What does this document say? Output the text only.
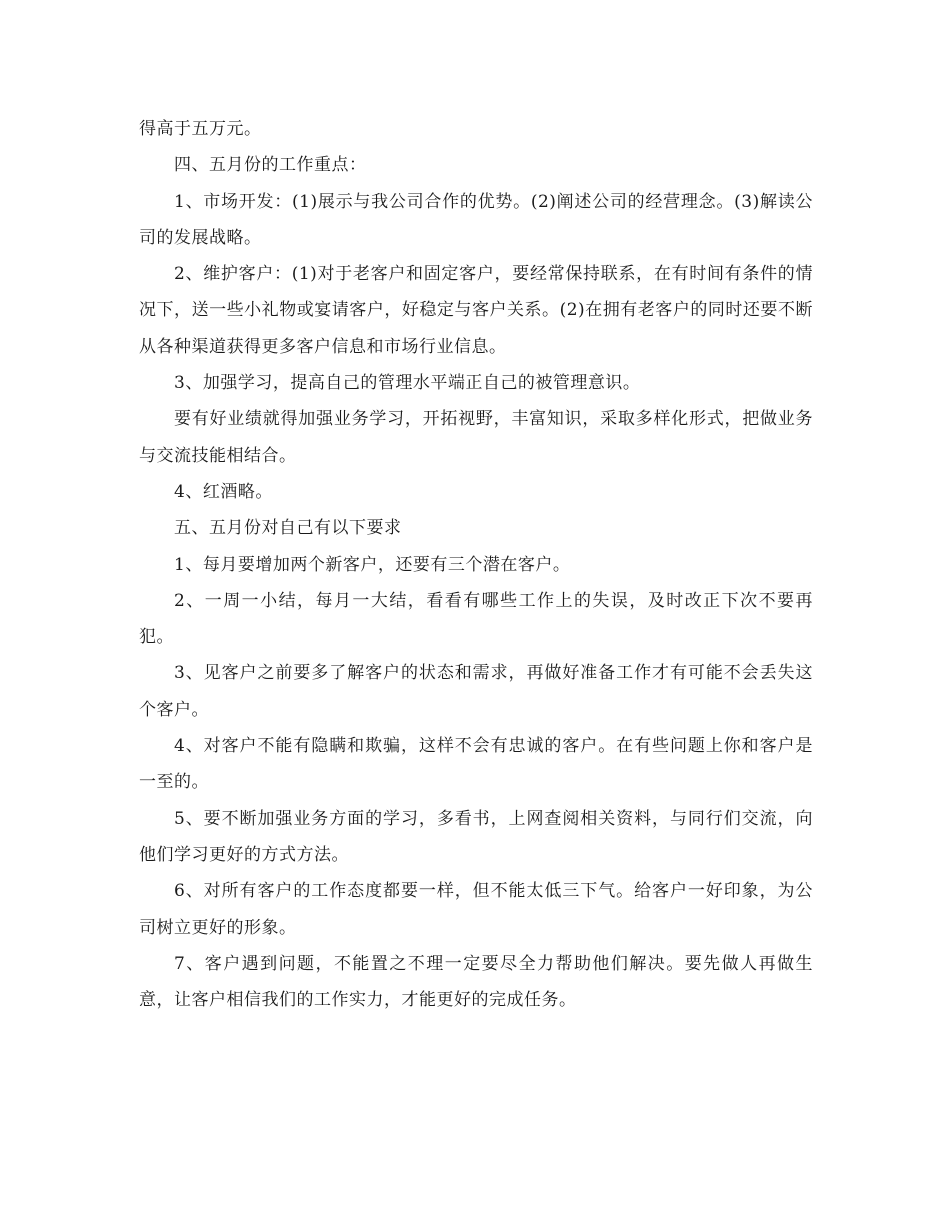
得高于五万元。

四、五月份的工作重点：

1、市场开发：(1)展示与我公司合作的优势。(2)阐述公司的经营理念。(3)解读公司的发展战略。

2、维护客户：(1)对于老客户和固定客户，要经常保持联系，在有时间有条件的情况下，送一些小礼物或宴请客户，好稳定与客户关系。(2)在拥有老客户的同时还要不断从各种渠道获得更多客户信息和市场行业信息。

3、加强学习，提高自己的管理水平端正自己的被管理意识。

要有好业绩就得加强业务学习，开拓视野，丰富知识，采取多样化形式，把做业务与交流技能相结合。

4、红酒略。

五、五月份对自己有以下要求

1、每月要增加两个新客户，还要有三个潜在客户。

2、一周一小结，每月一大结，看看有哪些工作上的失误，及时改正下次不要再犯。

3、见客户之前要多了解客户的状态和需求，再做好准备工作才有可能不会丢失这个客户。

4、对客户不能有隐瞒和欺骗，这样不会有忠诚的客户。在有些问题上你和客户是一至的。

5、要不断加强业务方面的学习，多看书，上网查阅相关资料，与同行们交流，向他们学习更好的方式方法。

6、对所有客户的工作态度都要一样，但不能太低三下气。给客户一好印象，为公司树立更好的形象。

7、客户遇到问题，不能置之不理一定要尽全力帮助他们解决。要先做人再做生意，让客户相信我们的工作实力，才能更好的完成任务。
